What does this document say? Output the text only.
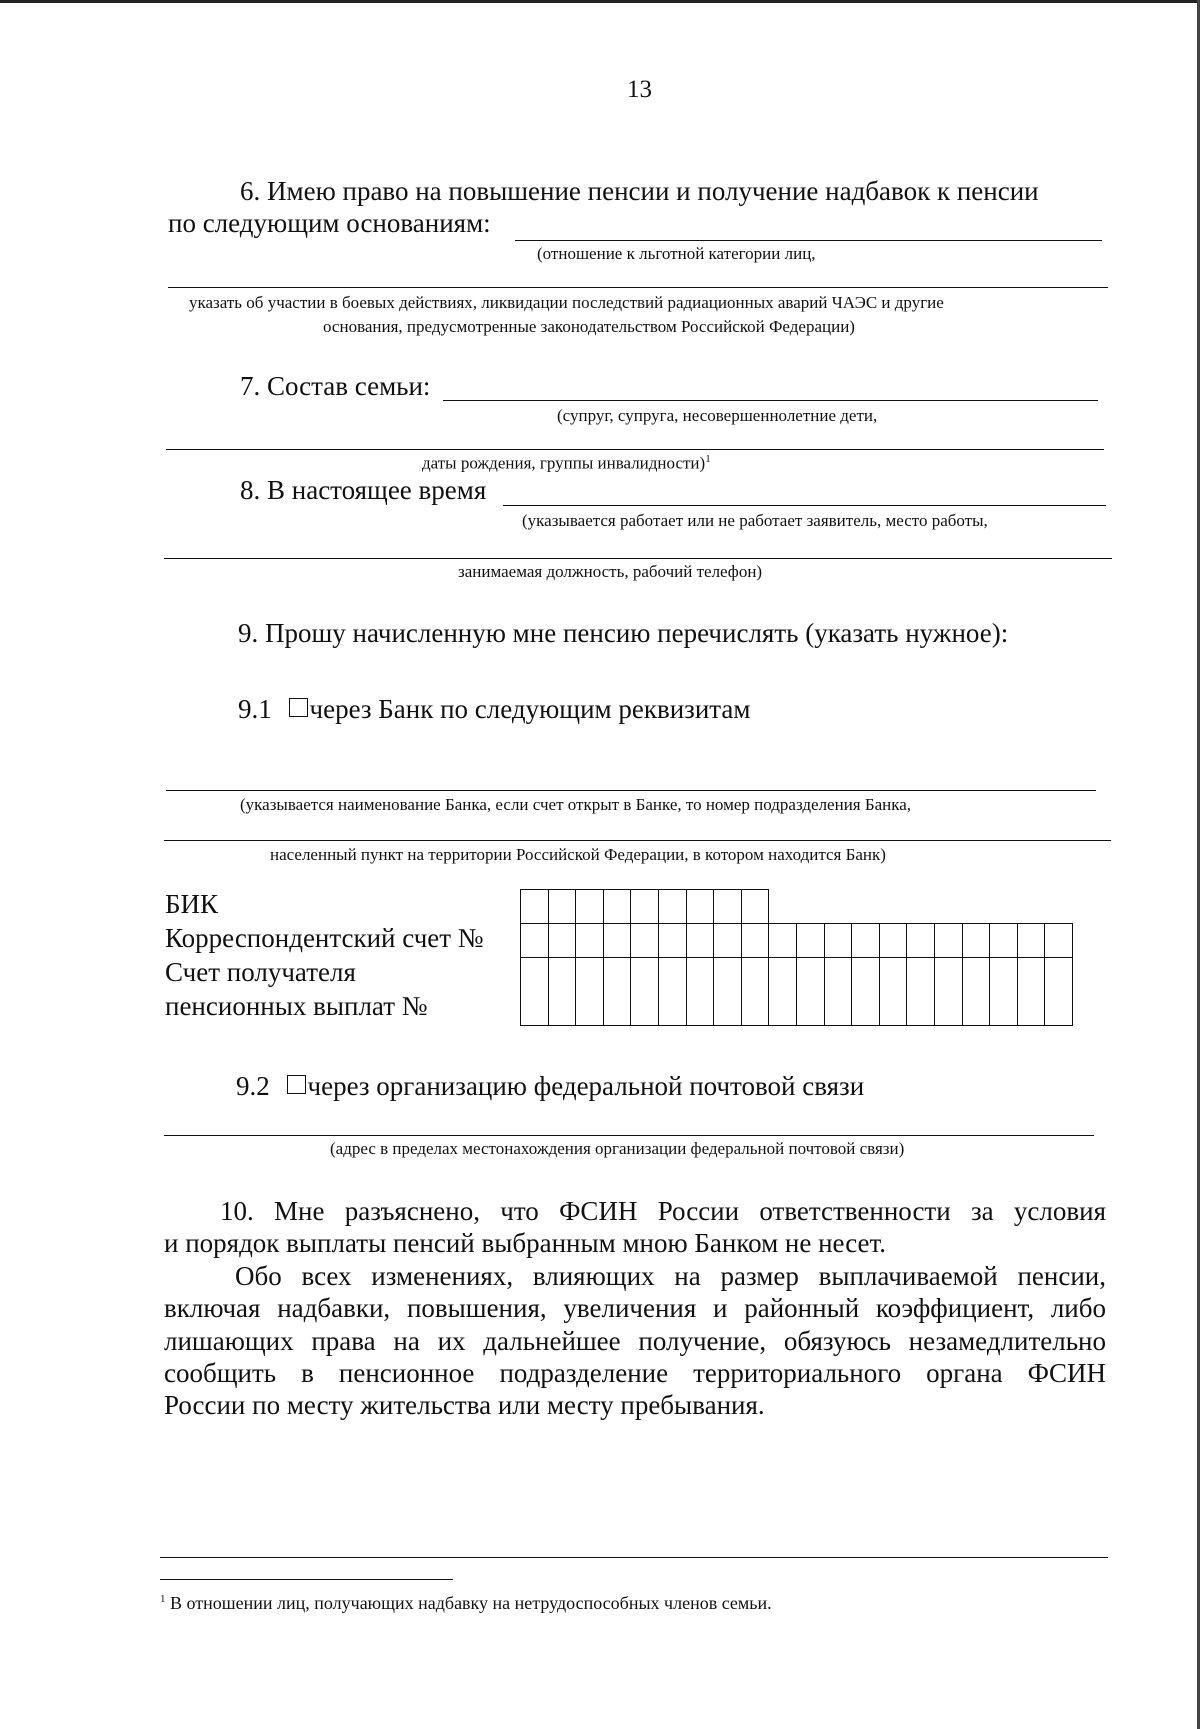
13
6. Имею право на повышение пенсии и получение надбавок к пенсии
по следующим основаниям:
(отношение к льготной категории лиц,
указать об участии в боевых действиях, ликвидации последствий радиационных аварий ЧАЭС и другие
основания, предусмотренные законодательством Российской Федерации)
7. Состав семьи:
(супруг, супруга, несовершеннолетние дети,
даты рождения, группы инвалидности)$^1$
8. В настоящее время
(указывается работает или не работает заявитель, место работы,
занимаемая должность, рабочий телефон)
9. Прошу начисленную мне пенсию перечислять (указать нужное):
9.1 через Банк по следующим реквизитам
(указывается наименование Банка, если счет открыт в Банке, то номер подразделения Банка,
населенный пункт на территории Российской Федерации, в котором находится Банк)
БИК
Корреспондентский счет №
Счет получателя
пенсионных выплат №

9.2 через организацию федеральной почтовой связи
(адрес в пределах местонахождения организации федеральной почтовой связи)
10. Мне разъяснено, что ФСИН России ответственности за условия
и порядок выплаты пенсий выбранным мною Банком не несет.
Обо всех изменениях, влияющих на размер выплачиваемой пенсии,
включая надбавки, повышения, увеличения и районный коэффициент, либо
лишающих права на их дальнейшее получение, обязуюсь незамедлительно
сообщить в пенсионное подразделение территориального органа ФСИН
России по месту жительства или месту пребывания.
$^1$ В отношении лиц, получающих надбавку на нетрудоспособных членов семьи.
